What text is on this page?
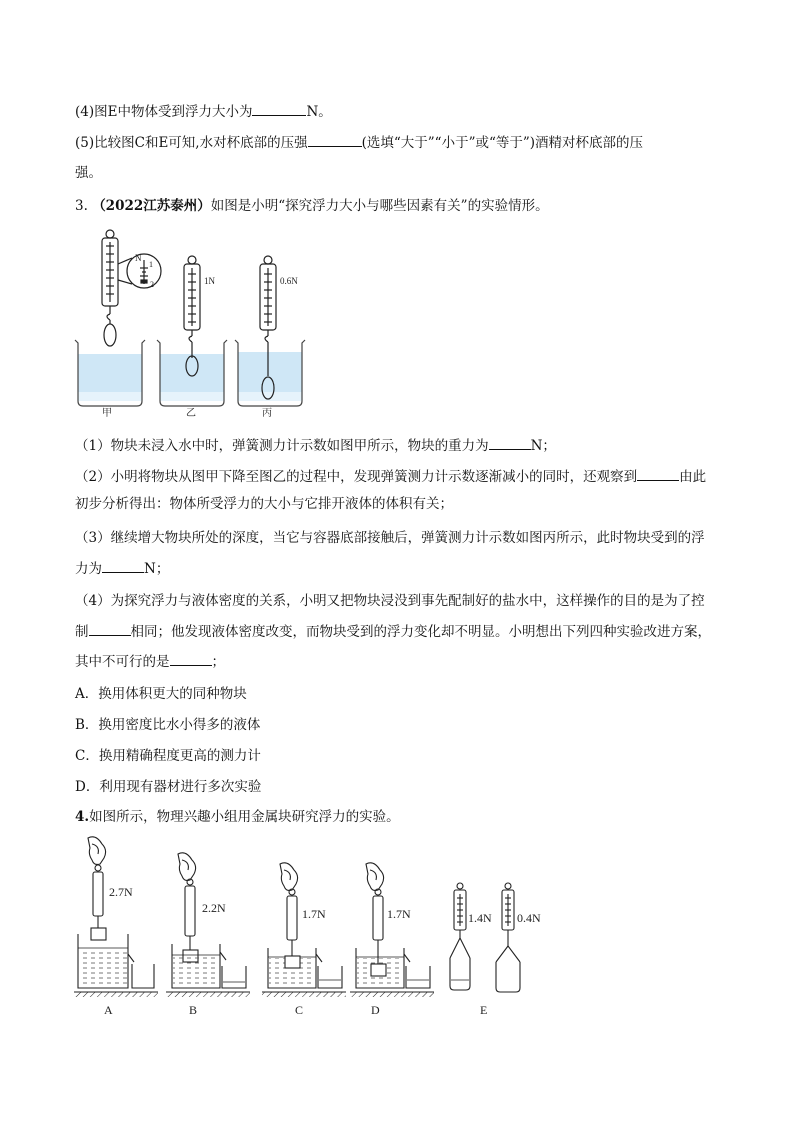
(4)图E中物体受到浮力大小为	N。
(5)比较图C和E可知,水对杯底部的压强	(选填“大于”“小于”或“等于”)酒精对杯底部的压
强。
3. （2022江苏泰州）如图是小明“探究浮力大小与哪些因素有关”的实验情形。
N
1
2	1N	0.6N
甲	乙	丙
（1）物块未浸入水中时，弹簧测力计示数如图甲所示，物块的重力为	N；
（2）小明将物块从图甲下降至图乙的过程中，发现弹簧测力计示数逐渐减小的同时，还观察到	由此
初步分析得出：物体所受浮力的大小与它排开液体的体积有关；
（3）继续增大物块所处的深度，当它与容器底部接触后，弹簧测力计示数如图丙所示，此时物块受到的浮
力为	N；
（4）为探究浮力与液体密度的关系，小明又把物块浸没到事先配制好的盐水中，这样操作的目的是为了控
制	相同；他发现液体密度改变，而物块受到的浮力变化却不明显。小明想出下列四种实验改进方案，
其中不可行的是	；
A．换用体积更大的同种物块
B．换用密度比水小得多的液体
C．换用精确程度更高的测力计
D．利用现有器材进行多次实验
4.如图所示，物理兴趣小组用金属块研究浮力的实验。
2.7N
A
2.2N
B
1.7N
C
1.7N
D
1.4N 0.4N
E
